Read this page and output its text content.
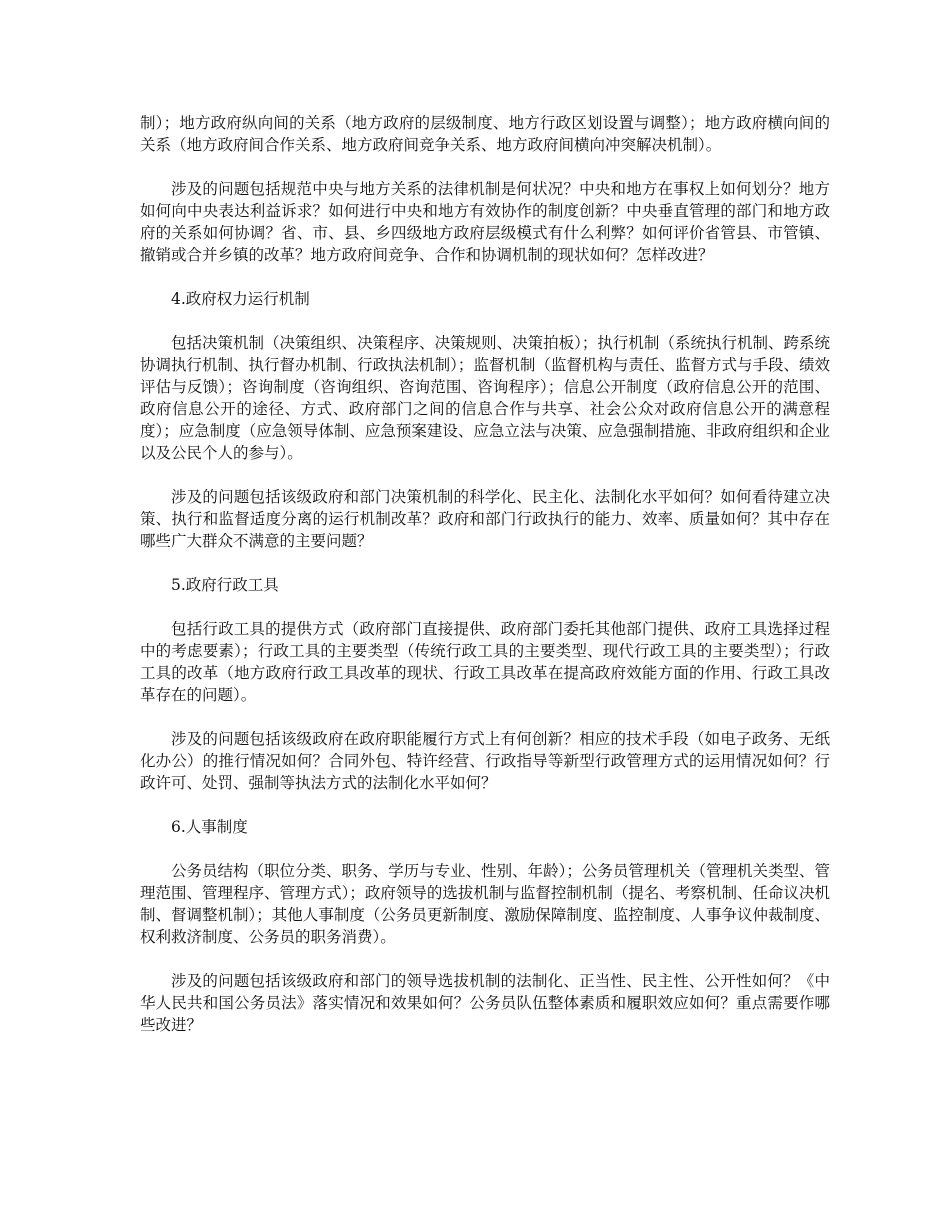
制）；地方政府纵向间的关系（地方政府的层级制度、地方行政区划设置与调整）；地方政府横向间的关系（地方政府间合作关系、地方政府间竞争关系、地方政府间横向冲突解决机制）。

涉及的问题包括规范中央与地方关系的法律机制是何状况？中央和地方在事权上如何划分？地方如何向中央表达利益诉求？如何进行中央和地方有效协作的制度创新？中央垂直管理的部门和地方政府的关系如何协调？省、市、县、乡四级地方政府层级模式有什么利弊？如何评价省管县、市管镇、撤销或合并乡镇的改革？地方政府间竞争、合作和协调机制的现状如何？怎样改进？

4.政府权力运行机制

包括决策机制（决策组织、决策程序、决策规则、决策拍板）；执行机制（系统执行机制、跨系统协调执行机制、执行督办机制、行政执法机制）；监督机制（监督机构与责任、监督方式与手段、绩效评估与反馈）；咨询制度（咨询组织、咨询范围、咨询程序）；信息公开制度（政府信息公开的范围、政府信息公开的途径、方式、政府部门之间的信息合作与共享、社会公众对政府信息公开的满意程度）；应急制度（应急领导体制、应急预案建设、应急立法与决策、应急强制措施、非政府组织和企业以及公民个人的参与）。

涉及的问题包括该级政府和部门决策机制的科学化、民主化、法制化水平如何？如何看待建立决策、执行和监督适度分离的运行机制改革？政府和部门行政执行的能力、效率、质量如何？其中存在哪些广大群众不满意的主要问题？

5.政府行政工具

包括行政工具的提供方式（政府部门直接提供、政府部门委托其他部门提供、政府工具选择过程中的考虑要素）；行政工具的主要类型（传统行政工具的主要类型、现代行政工具的主要类型）；行政工具的改革（地方政府行政工具改革的现状、行政工具改革在提高政府效能方面的作用、行政工具改革存在的问题）。

涉及的问题包括该级政府在政府职能履行方式上有何创新？相应的技术手段（如电子政务、无纸化办公）的推行情况如何？合同外包、特许经营、行政指导等新型行政管理方式的运用情况如何？行政许可、处罚、强制等执法方式的法制化水平如何？

6.人事制度

公务员结构（职位分类、职务、学历与专业、性别、年龄）；公务员管理机关（管理机关类型、管理范围、管理程序、管理方式）；政府领导的选拔机制与监督控制机制（提名、考察机制、任命议决机制、督调整机制）；其他人事制度（公务员更新制度、激励保障制度、监控制度、人事争议仲裁制度、权利救济制度、公务员的职务消费）。

涉及的问题包括该级政府和部门的领导选拔机制的法制化、正当性、民主性、公开性如何？《中华人民共和国公务员法》落实情况和效果如何？公务员队伍整体素质和履职效应如何？重点需要作哪些改进？
